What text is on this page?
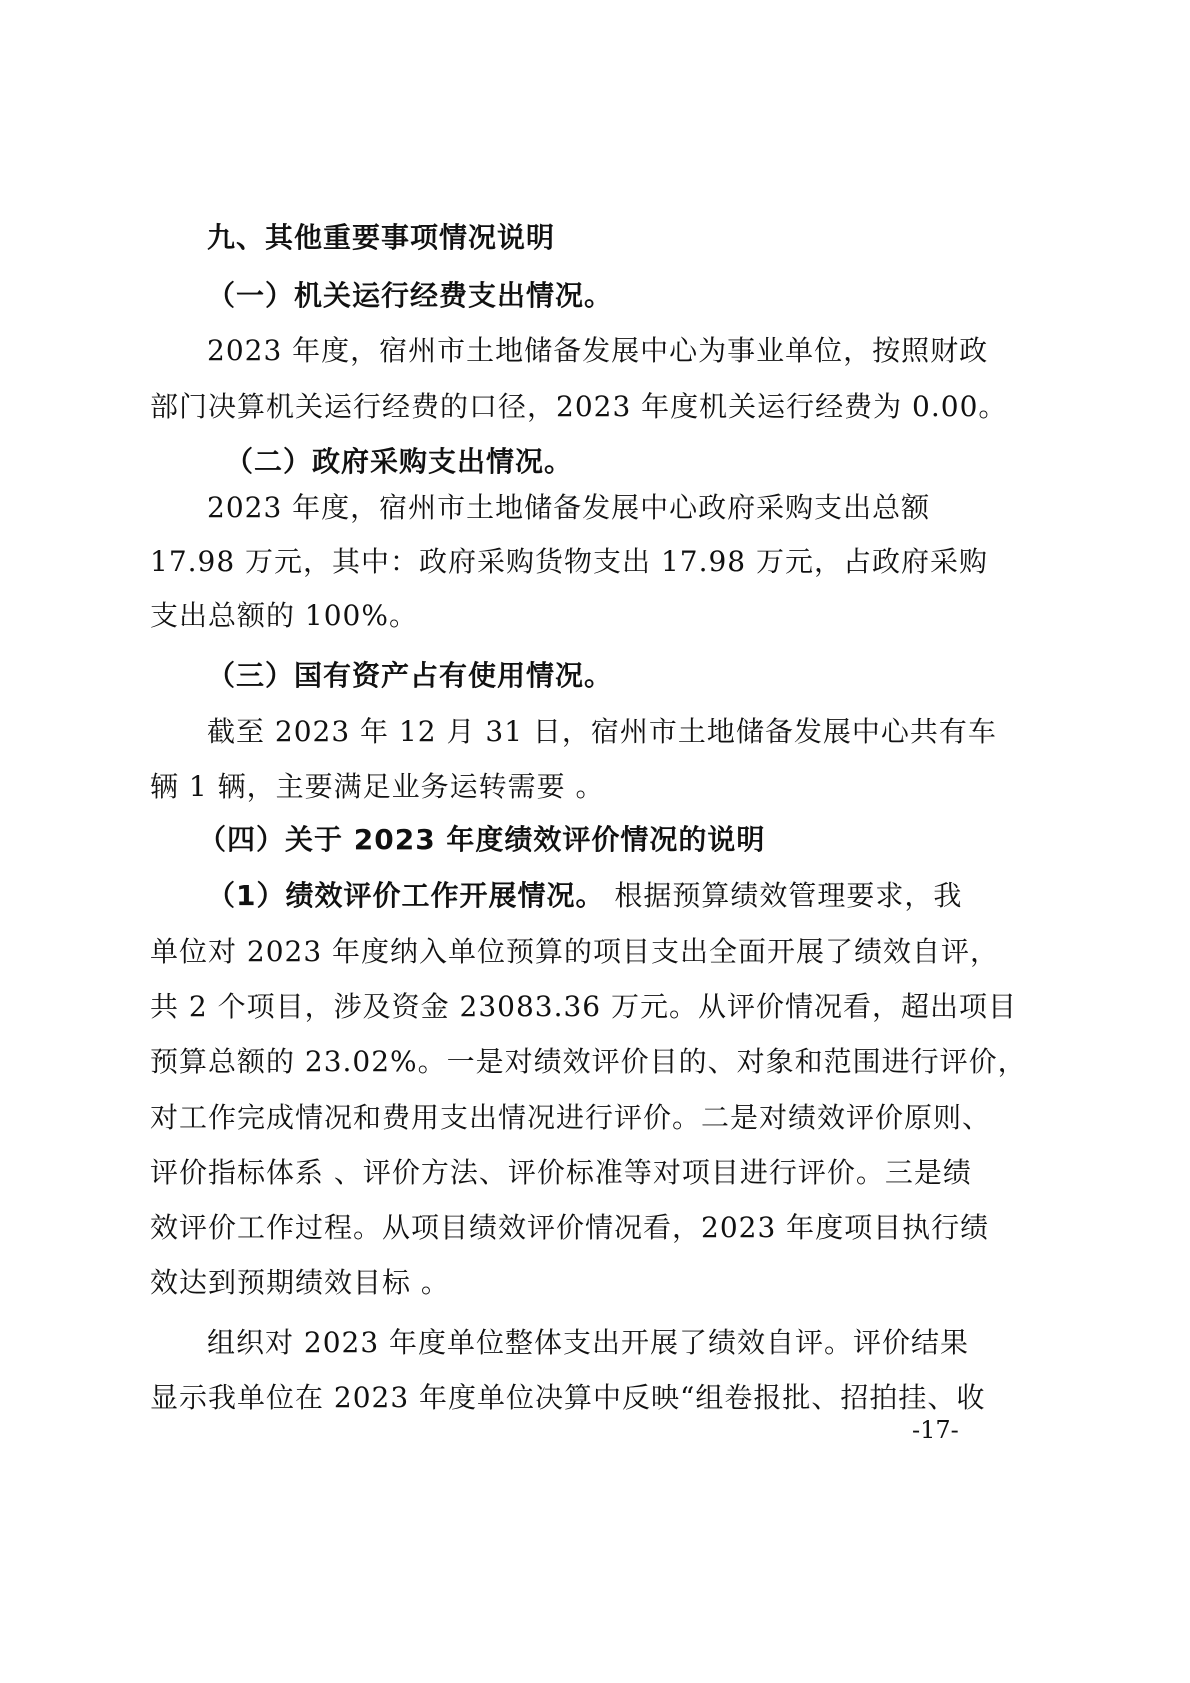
九、其他重要事项情况说明
（一）机关运行经费支出情况。
2023 年度，宿州市土地储备发展中心为事业单位，按照财政
部门决算机关运行经费的口径，2023 年度机关运行经费为 0.00。
（二）政府采购支出情况。
2023 年度，宿州市土地储备发展中心政府采购支出总额
17.98 万元，其中：政府采购货物支出 17.98 万元，占政府采购
支出总额的 100%。
（三）国有资产占有使用情况。
截至 2023 年 12 月 31 日，宿州市土地储备发展中心共有车
辆 1 辆，主要满足业务运转需要 。
（四）关于 2023 年度绩效评价情况的说明
（1）绩效评价工作开展情况。 根据预算绩效管理要求，我
单位对 2023 年度纳入单位预算的项目支出全面开展了绩效自评，
共 2 个项目，涉及资金 23083.36 万元。从评价情况看，超出项目
预算总额的 23.02%。一是对绩效评价目的、对象和范围进行评价，
对工作完成情况和费用支出情况进行评价。二是对绩效评价原则、
评价指标体系 、评价方法、评价标准等对项目进行评价。三是绩
效评价工作过程。从项目绩效评价情况看，2023 年度项目执行绩
效达到预期绩效目标 。
组织对 2023 年度单位整体支出开展了绩效自评。评价结果
显示我单位在 2023 年度单位决算中反映“组卷报批、招拍挂、收
-17-
